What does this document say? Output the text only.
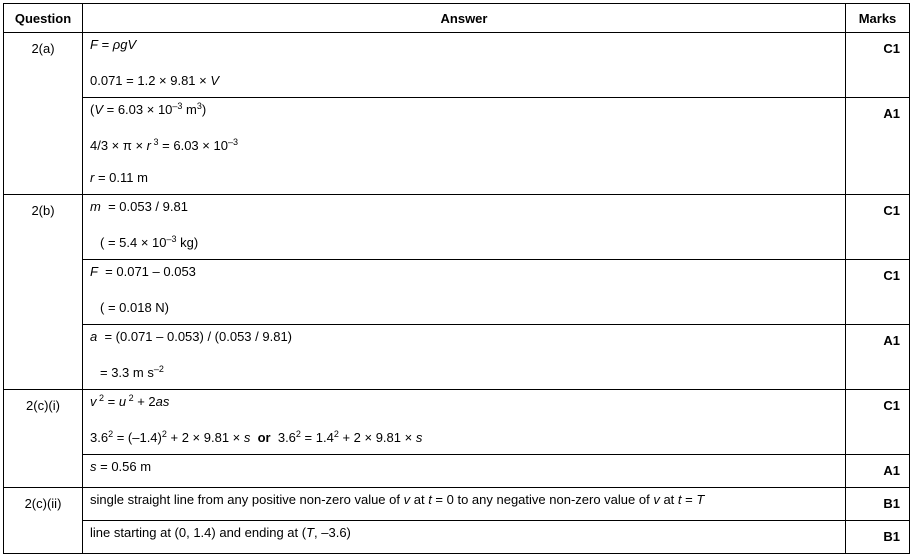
Question	Answer	Marks
2(a)	F = ρgV
0.071 = 1.2 × 9.81 × V	C1

	($V = 6.03 \times 10^{-3}$ $m^3$)
4/3 × π × r $^3 = 6.03 \times 10^{-3}$
r = 0.11 m	A1
2(b)	m  = 0.053 / 9.81
( = $5.4 \times 10^{-3}$ kg)	C1

	F  = 0.071 – 0.053
( = 0.018 N)	C1

	a  = (0.071 – 0.053) / (0.053 / 9.81)
= 3.3 m $s^{-2}$	A1
2(c)(i)	v $^2$ = u $^2$ + 2as
$3.6^2 = (-1.4)^2 + 2 \times 9.81 \times s$ or  $3.6^2 = 1.4^2 + 2 \times 9.81 \times s$	C1

	s = 0.56 m	A1
2(c)(ii)	single straight line from any positive non-zero value of v at t = 0 to any negative non-zero value of v at t = T	B1

	line starting at (0, 1.4) and ending at (T, –3.6)	B1
